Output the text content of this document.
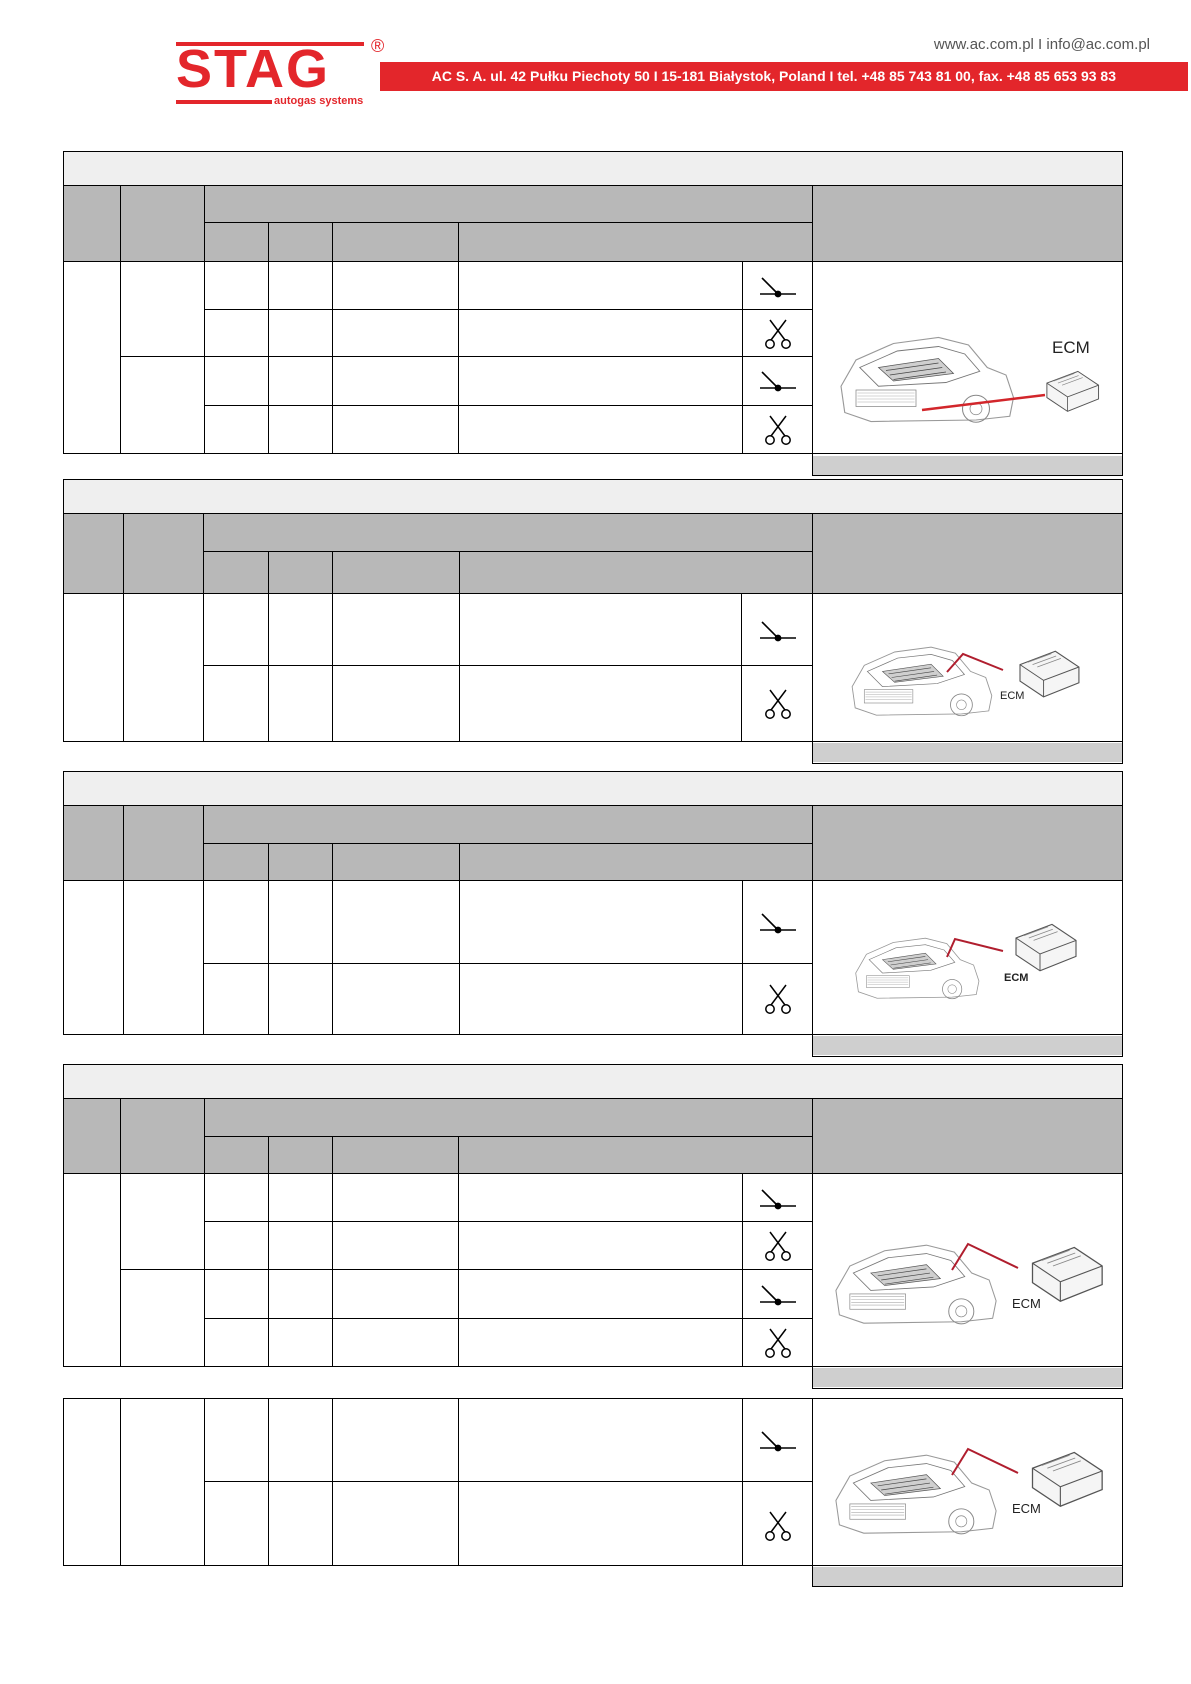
STAG
autogas systems
®	www.ac.com.pl I info@ac.com.pl
AC S. A. ul. 42 Pułku Piechoty 50 I 15-181 Białystok, Poland I tel. +48 85 743 81 00, fax. +48 85 653 93 83
ECM
ECM
ECM
ECM
ECM
